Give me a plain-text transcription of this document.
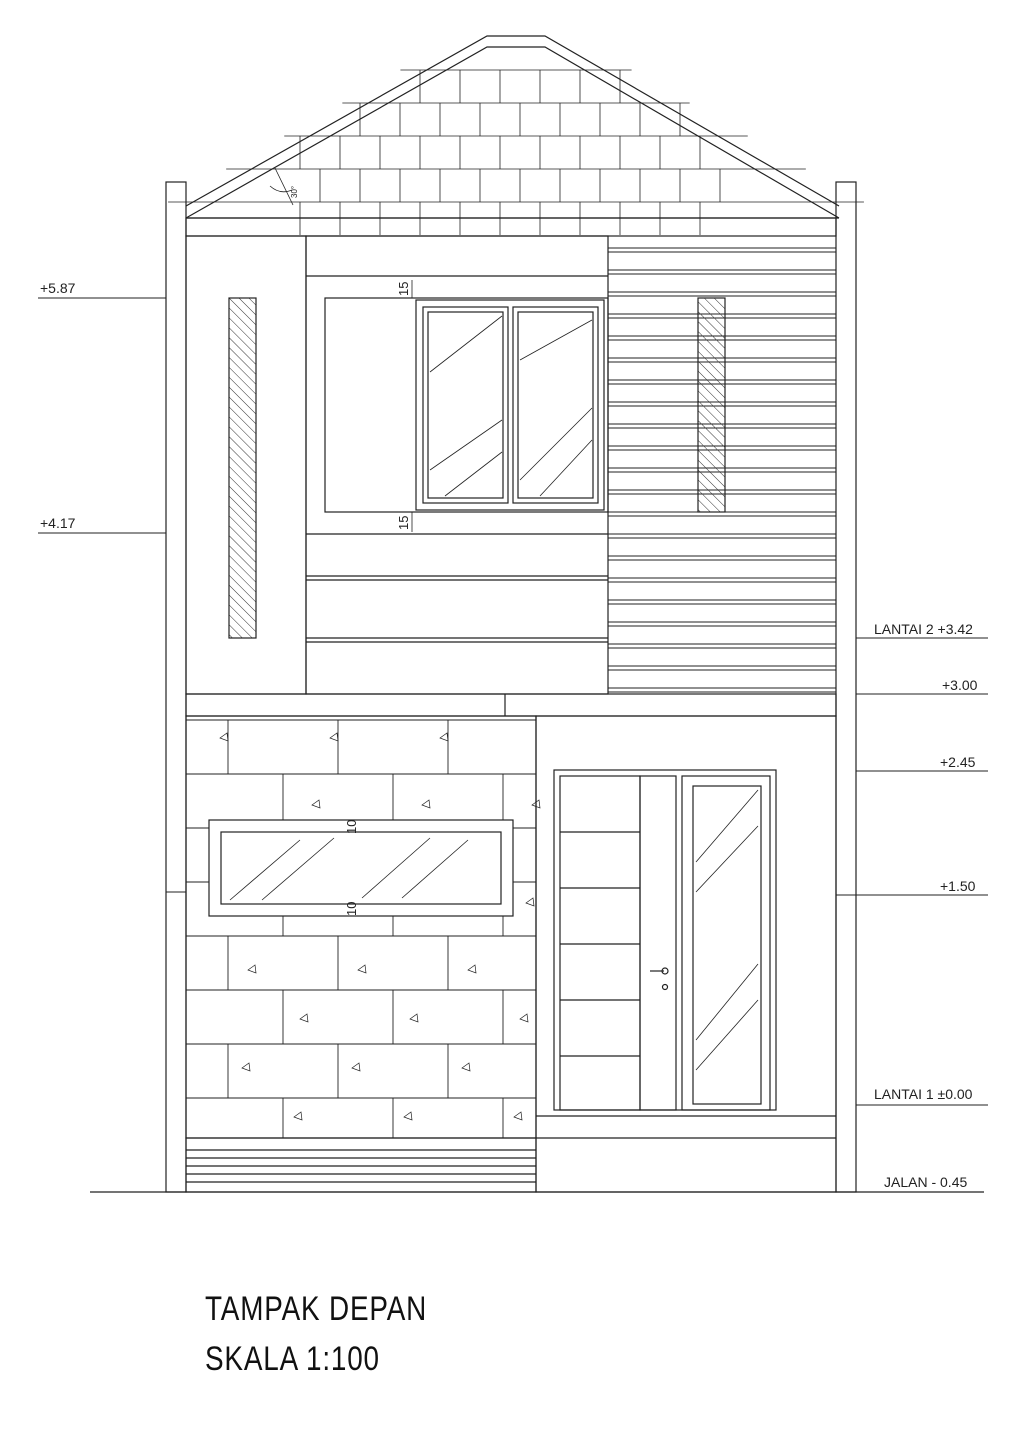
+5.87
+4.17
LANTAI 2 +3.42
+3.00
+2.45
+1.50
LANTAI 1 ±0.00
JALAN - 0.45
15
15
10
10
30°
TAMPAK DEPAN
SKALA 1:100
